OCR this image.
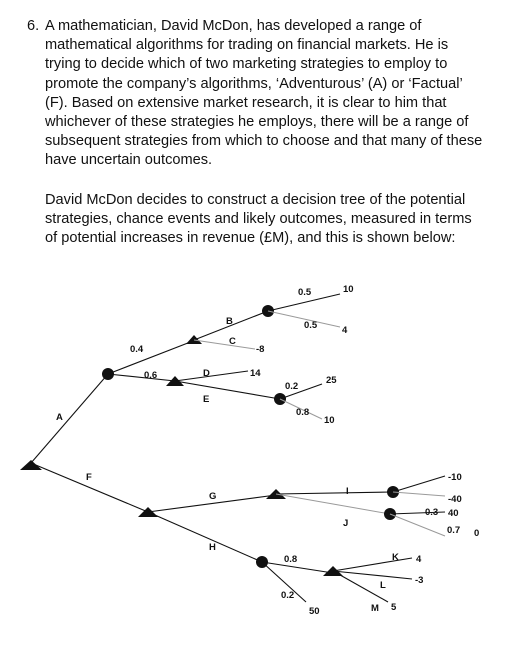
6. A mathematician, David McDon, has developed a range of mathematical algorithms for trading on financial markets. He is trying to decide which of two marketing strategies to employ to promote the company’s algorithms, ‘Adventurous’ (A) or ‘Factual’ (F). Based on extensive market research, it is clear to him that whichever of these strategies he employs, there will be a range of subsequent strategies from which to choose and that many of these have uncertain outcomes.
David McDon decides to construct a decision tree of the potential strategies, chance events and likely outcomes, measured in terms of potential increases in revenue (£M), and this is shown below:
A
F
B
C
D
E
G
H
I
J
K
L
M
0.4
0.6
0.5
0.5
0.2
0.8
0.8
0.2
0.3
0.7
10
4
-8
14
25
10
-10
-40
40
0
4
-3
5
50
